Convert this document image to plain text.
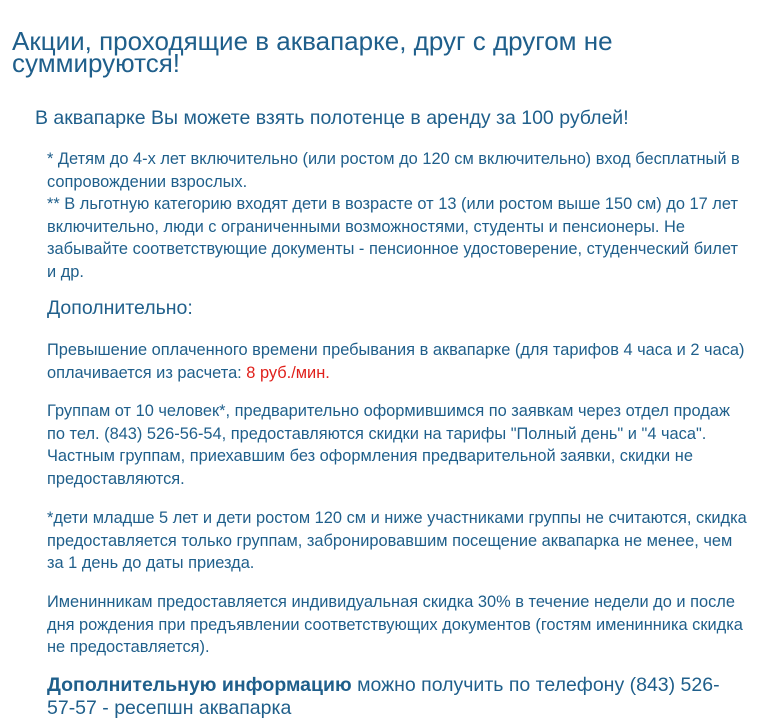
Акции, проходящие в аквапарке, друг с другом не суммируются!

В аквапарке Вы можете взять полотенце в аренду за 100 рублей!

* Детям до 4-х лет включительно (или ростом до 120 см включительно) вход бесплатный в сопровождении взрослых.

** В льготную категорию входят дети в возрасте от 13 (или ростом выше 150 см) до 17 лет включительно, люди с ограниченными возможностями, студенты и пенсионеры. Не забывайте соответствующие документы - пенсионное удостоверение, студенческий билет и др.

Дополнительно:

Превышение оплаченного времени пребывания в аквапарке (для тарифов 4 часа и 2 часа) оплачивается из расчета: 8 руб./мин.

Группам от 10 человек*, предварительно оформившимся по заявкам через отдел продаж по тел. (843) 526-56-54, предоставляются скидки на тарифы "Полный день" и "4 часа". Частным группам, приехавшим без оформления предварительной заявки, скидки не предоставляются.

*дети младше 5 лет и дети ростом 120 см и ниже участниками группы не считаются, скидка предоставляется только группам, забронировавшим посещение аквапарка не менее, чем за 1 день до даты приезда.

Именинникам предоставляется индивидуальная скидка 30% в течение недели до и после дня рождения при предъявлении соответствующих документов (гостям именинника скидка не предоставляется).

Дополнительную информацию можно получить по телефону (843) 526-57-57 - ресепшн аквапарка
